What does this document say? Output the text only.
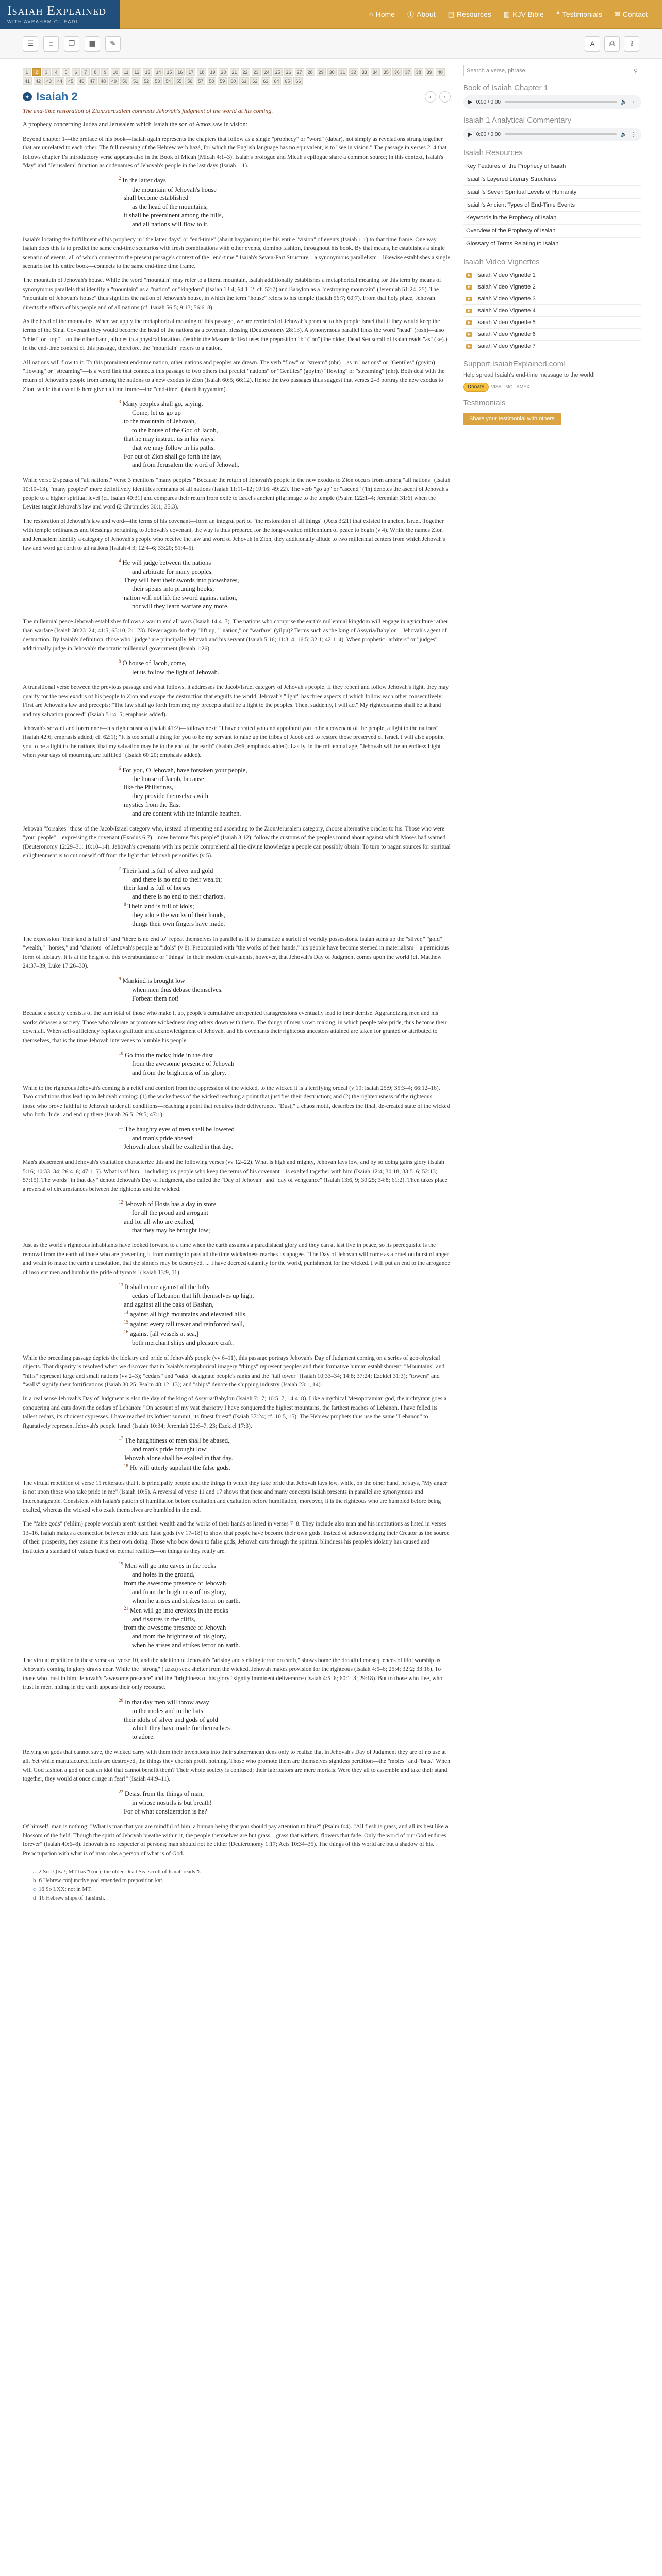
Isaiah Explained
WITH AVRAHAM GILEADI
⌂ Home ⓘ About ▤ Resources ▥ KJV Bible ❝ Testimonials ✉ Contact
☰	≡	❐	▦	✎	A	⎙	⇪
1	2	3	4	5	6	7	8	9	10	11	12	13	14	15	16	17	18	19	20	21	22	23	24	25	26	27	28	29	30	31	32	33	34	35	36	37	38	39	40
41	42	43	44	45	46	47	48	49	50	51	52	53	54	55	56	57	58	59	60	61	62	63	64	65	66
✦ Isaiah 2	‹	›
The end-time restoration of Zion/Jerusalem contrasts Jehovah's judgment of the world at his coming.
A prophecy concerning Judea and Jerusalem which Isaiah the son of Amoz saw in vision:

Beyond chapter 1—the preface of his book—Isaiah again represents the chapters that follow as a single "prophecy" or "word" (dabar), not simply as revelations strung together that are unrelated to each other. The full meaning of the Hebrew verb hazá, for which the English language has no equivalent, is to "see in vision." The passage in verses 2–4 that follows chapter 1's introductory verse appears also in the Book of Micah (Micah 4:1–3). Isaiah's prologue and Micah's epilogue share a common source; in this context, Isaiah's "day" and "Jerusalem" function as codenames of Jehovah's people in the last days (Isaiah 1:1).

$^2$ In the latter days
the mountain of Jehovah's house
shall become established
as the head of the mountains;
it shall be preeminent among the hills,
and all nations will flow to it.

Isaiah's locating the fulfillment of his prophecy in "the latter days" or "end-time" (aharit hayyamim) ties his entire "vision" of events (Isaiah 1:1) to that time frame. One way Isaiah does this is to predict the same end-time scenarios with fresh combinations with other events, domino fashion, throughout his book. By that means, he establishes a single scenario of events, all of which connect to the present passage's context of the "end-time." Isaiah's Seven-Part Structure—a synonymous parallelism—likewise establishes a single scenario for his entire book—connects to the same end-time time frame.

The mountain of Jehovah's house. While the word "mountain" may refer to a literal mountain, Isaiah additionally establishes a metaphorical meaning for this term by means of synonymous parallels that identify a "mountain" as a "nation" or "kingdom" (Isaiah 13:4; 64:1–2; cf. 52:7) and Babylon as a "destroying mountain" (Jeremiah 51:24–25). The "mountain of Jehovah's house" thus signifies the nation of Jehovah's house, in which the term "house" refers to his temple (Isaiah 56:7; 60:7). From that holy place, Jehovah directs the affairs of his people and of all nations (cf. Isaiah 56:5; 9:13; 56:6–8).

As the head of the mountains. When we apply the metaphorical meaning of this passage, we are reminded of Jehovah's promise to his people Israel that if they would keep the terms of the Sinai Covenant they would become the head of the nations as a covenant blessing (Deuteronomy 28:13). A synonymous parallel links the word "head" (rosh)—also "chief" or "top"—on the other hand, alludes to a physical location. (Within the Masoretic Text uses the preposition "b" ("on") the older, Dead Sea scroll of Isaiah reads "as" (ke).) In the end-time context of this passage, therefore, the "mountain" refers to a nation.

All nations will flow to it. To this prominent end-time nation, other nations and peoples are drawn. The verb "flow" or "stream" (nhr)—as in "nations" or "Gentiles" (goyim) "flowing" or "streaming"—is a word link that connects this passage to two others that predict "nations" or "Gentiles" (goyim) "flowing" or "streaming" (nhr). Both deal with the return of Jehovah's people from among the nations to a new exodus to Zion (Isaiah 60:5; 66:12). Hence the two passages thus suggest that verses 2–3 portray the new exodus to Zion, while that event is here given a time frame—the "end-time" (aharit hayyamim).

$^3$ Many peoples shall go, saying,
Come, let us go up
to the mountain of Jehovah,
to the house of the God of Jacob,
that he may instruct us in his ways,
that we may follow in his paths.
For out of Zion shall go forth the law,
and from Jerusalem the word of Jehovah.

While verse 2 speaks of "all nations," verse 3 mentions "many peoples." Because the return of Jehovah's people in the new exodus to Zion occurs from among "all nations" (Isaiah 10:10–13), "many peoples" more definitively identifies remnants of all nations (Isaiah 11:11–12; 19:16; 49:22). The verb "go up" or "ascend" ('lh) denotes the ascent of Jehovah's people to a higher spiritual level (cf. Isaiah 40:31) and compares their return from exile to Israel's ancient pilgrimage to the temple (Psalm 122:1–4; Jeremiah 31:6) when the Levites taught Jehovah's law and word (2 Chronicles 30:1; 35:3).

The restoration of Jehovah's law and word—the terms of his covenant—form an integral part of "the restoration of all things" (Acts 3:21) that existed in ancient Israel. Together with temple ordinances and blessings pertaining to Jehovah's covenant, the way is thus prepared for the long-awaited millennium of peace to begin (v 4). While the names Zion and Jerusalem identify a category of Jehovah's people who receive the law and word of Jehovah in Zion, they additionally allude to two millennial centers from which Jehovah's law and word go forth to all nations (Isaiah 4:3; 12:4–6; 33:20; 51:4–5).

$^4$ He will judge between the nations
and arbitrate for many peoples.
They will beat their swords into plowshares,
their spears into pruning hooks;
nation will not lift the sword against nation,
nor will they learn warfare any more.

The millennial peace Jehovah establishes follows a war to end all wars (Isaiah 14:4–7). The nations who comprise the earth's millennial kingdom will engage in agriculture rather than warfare (Isaiah 30:23–24; 41:5; 65:10, 21–23). Never again do they "lift up," "nation," or "warfare" (yilpu)? Terms such as the king of Assyria/Babylon—Jehovah's agent of destruction. By Isaiah's definition, those who "judge" are principally Jehovah and his servant (Isaiah 5:16; 11:3–4; 16:5; 32:1; 42:1–4). When prophetic "arbiters" or "judges" additionally judge in Jehovah's theocratic millennial government (Isaiah 1:26).

$^5$ O house of Jacob, come,
let us follow the light of Jehovah.

A transitional verse between the previous passage and what follows, it addresses the Jacob/Israel category of Jehovah's people. If they repent and follow Jehovah's light, they may qualify for the new exodus of his people to Zion and escape the destruction that engulfs the world. Jehovah's "light" has three aspects of which follow each other consecutively: First are Jehovah's law and precepts: "The law shall go forth from me; my precepts shall be a light to the peoples. Then, suddenly, I will act" My righteousness shall be at hand and my salvation proceed" (Isaiah 51:4–5; emphasis added).

Jehovah's servant and forerunner—his righteousness (Isaiah 41:2)—follows next: "I have created you and appointed you to be a covenant of the people, a light to the nations" (Isaiah 42:6; emphasis added; cf. 62:1); "It is too small a thing for you to be my servant to raise up the tribes of Jacob and to restore those preserved of Israel. I will also appoint you to be a light to the nations, that my salvation may be to the end of the earth" (Isaiah 49:6; emphasis added). Lastly, in the millennial age, "Jehovah will be an endless Light when your days of mourning are fulfilled" (Isaiah 60:20; emphasis added).

$^6$ For you, O Jehovah, have forsaken your people,
the house of Jacob, because
like the Philistines,
they provide themselves with
mystics from the East
and are content with the infantile heathen.

Jehovah "forsakes" those of the Jacob/Israel category who, instead of repenting and ascending to the Zion/Jerusalem category, choose alternative oracles to his. Those who were "your people"—expressing the covenant (Exodus 6:7)—now become "his people" (Isaiah 3:12); follow the customs of the peoples round about against which Moses had warned (Deuteronomy 12:29–31; 18:10–14). Jehovah's covenants with his people comprehend all the divine knowledge a people can possibly obtain. To turn to pagan sources for spiritual enlightenment is to cut oneself off from the light that Jehovah personifies (v 5).

$^7$ Their land is full of silver and gold
and there is no end to their wealth;
their land is full of horses
and there is no end to their chariots.
$^8$ Their land is full of idols;
they adore the works of their hands,
things their own fingers have made.

The expression "their land is full of" and "there is no end to" repeat themselves in parallel as if to dramatize a surfeit of worldly possessions. Isaiah sums up the "silver," "gold" "wealth," "horses," and "chariots" of Jehovah's people as "idols" (v 8). Preoccupied with "the works of their hands," his people have become steeped in materialism—a pernicious form of idolatry. It is at the height of this overabundance or "things" in their modern equivalents, however, that Jehovah's Day of Judgment comes upon the world (cf. Matthew 24:37–39; Luke 17:26–30).

$^9$ Mankind is brought low
when men thus debase themselves.
Forbear them not!

Because a society consists of the sum total of those who make it up, people's cumulative unrepented transgressions eventually lead to their demise. Aggrandizing men and his works debases a society. Those who tolerate or promote wickedness drag others down with them. The things of men's own making, in which people take pride, thus become their downfall. When self-sufficiency replaces gratitude and acknowledgment of Jehovah, and his covenants their righteous ancestors attained are taken for granted or attributed to themselves, that is the time Jehovah intervenes to humble his people.

$^{10}$ Go into the rocks; hide in the dust
from the awesome presence of Jehovah
and from the brightness of his glory.

While to the righteous Jehovah's coming is a relief and comfort from the oppression of the wicked, to the wicked it is a terrifying ordeal (v 19; Isaiah 25:9; 35:3–4; 66:12–16). Two conditions thus lead up to Jehovah coming: (1) the wickedness of the wicked reaching a point that justifies their destruction; and (2) the righteousness of the righteous—those who prove faithful to Jehovah under all conditions—reaching a point that requires their deliverance. "Dust," a chaos motif, describes the final, de-created state of the wicked who both "hide" and end up there (Isaiah 26:5; 29:5; 47:1).

$^{11}$ The haughty eyes of men shall be lowered
and man's pride abased;
Jehovah alone shall be exalted in that day.

Man's abasement and Jehovah's exaltation characterize this and the following verses (vv 12–22). What is high and mighty, Jehovah lays low, and by so doing gains glory (Isaiah 5:16; 10:33–34; 26:4–6; 47:1–5). What is of him—including his people who keep the terms of his covenant—is exalted together with him (Isaiah 12:4; 30:18; 33:5–6; 52:13; 57:15). The words "in that day" denote Jehovah's Day of Judgment, also called the "Day of Jehovah" and "day of vengeance" (Isaiah 13:6, 9; 30:25; 34:8; 61:2). Then takes place a reversal of circumstances between the righteous and the wicked.

$^{12}$ Jehovah of Hosts has a day in store
for all the proud and arrogant
and for all who are exalted,
that they may be brought low;

Just as the world's righteous inhabitants have looked forward to a time when the earth assumes a paradisiacal glory and they can at last live in peace, so its prerequisite is the removal from the earth of those who are preventing it from coming to pass all the time wickedness reaches its apogee. "The Day of Jehovah will come as a cruel outburst of anger and wrath to make the earth a desolation, that the sinners may be destroyed. ... I have decreed calamity for the world, punishment for the wicked. I will put an end to the arrogance of insolent men and humble the pride of tyrants" (Isaiah 13:9, 11).

$^{13}$ It shall come against all the lofty
cedars of Lebanon that lift themselves up high,
and against all the oaks of Bashan,
$^{14}$ against all high mountains and elevated hills,
$^{15}$ against every tall tower and reinforced wall,
$^{16}$ against [all vessels at sea,]
both merchant ships and pleasure craft.

While the preceding passage depicts the idolatry and pride of Jehovah's people (vv 6–11), this passage portrays Jehovah's Day of Judgment coming on a series of geo-physical objects. That disparity is resolved when we discover that in Isaiah's metaphorical imagery "things" represent peoples and their formative human establishment: "Mountains" and "hills" represent large and small nations (vv 2–3); "cedars" and "oaks" designate people's ranks and the "tall tower" (Isaiah 10:33–34; 14:8; 37:24; Ezekiel 31:3); "towers" and "walls" signify their fortifications (Isaiah 30:25; Psalm 48:12–13); and "ships" denote the shipping industry (Isaiah 23:1, 14).

In a real sense Jehovah's Day of Judgment is also the day of the king of Assyria/Babylon (Isaiah 7:17; 10:5–7; 14:4–8). Like a mythical Mesopotamian god, the archtyrant goes a conquering and cuts down the cedars of Lebanon: "On account of my vast chariotry I have conquered the highest mountains, the farthest reaches of Lebanon. I have felled its tallest cedars, its choicest cypresses. I have reached its loftiest summit, its finest forest" (Isaiah 37:24; cf. 10:5, 15). The Hebrew prophets thus use the same "Lebanon" to figuratively represent Jehovah's people Israel (Isaiah 10:34; Jeremiah 22:6–7, 23; Ezekiel 17:3).

$^{17}$ The haughtiness of men shall be abased,
and man's pride brought low;
Jehovah alone shall be exalted in that day.
$^{18}$ He will utterly supplant the false gods.

The virtual repetition of verse 11 reiterates that it is principally people and the things in which they take pride that Jehovah lays low, while, on the other hand, he says, "My anger is not upon those who take pride in me" (Isaiah 10:5). A reversal of verse 11 and 17 shows that these and many concepts Isaiah presents in parallel are synonymous and interchangeable. Consistent with Isaiah's pattern of humiliation before exaltation and exaltation before humiliation, moreover, it is the righteous who are humbled before being exalted, whereas the wicked who exalt themselves are humbled in the end.

The "false gods" ('elilim) people worship aren't just their wealth and the works of their hands as listed in verses 7–8. They include also man and his institutions as listed in verses 13–16. Isaiah makes a connection between pride and false gods (vv 17–18) to show that people have become their own gods. Instead of acknowledging their Creator as the source of their prosperity, they assume it is their own doing. Those who bow down to false gods, Jehovah cuts through the spiritual blindness his people's idolatry has caused and institutes a standard of values based on eternal realities—on things as they really are.

$^{19}$ Men will go into caves in the rocks
and holes in the ground,
from the awesome presence of Jehovah
and from the brightness of his glory,
when he arises and strikes terror on earth.
$^{21}$ Men will go into crevices in the rocks
and fissures in the cliffs,
from the awesome presence of Jehovah
and from the brightness of his glory,
when he arises and strikes terror on earth.

The virtual repetition in these verses of verse 10, and the addition of Jehovah's "arising and striking terror on earth," shows home the dreadful consequences of idol worship as Jehovah's coming in glory draws near. While the "strong" ('uzzu) seek shelter from the wicked, Jehovah makes provision for the righteous (Isaiah 4:5–6; 25:4; 32:2; 33:16). To those who trust in him, Jehovah's "awesome presence" and the "brightness of his glory" signify imminent deliverance (Isaiah 4:5–6; 60:1–3; 29:18). But to those who flee, who trust in men, hiding in the earth appears their only recourse.

$^{20}$ In that day men will throw away
to the moles and to the bats
their idols of silver and gods of gold
which they have made for themselves
to adore.

Relying on gods that cannot save, the wicked carry with them their inventions into their subterranean dens only to realize that in Jehovah's Day of Judgment they are of no use at all. Yet while manufactured idols are destroyed, the things they cherish profit nothing. Those who promote them are themselves sightless perdition—the "moles" and "bats." When will God fashion a god or cast an idol that cannot benefit them? Their whole society is confused; their fabricators are mere mortals. Were they all to assemble and take their stand together, they would at once cringe in fear!" (Isaiah 44:9–11).

$^{22}$ Desist from the things of man,
in whose nostrils is but breath!
For of what consideration is he?

Of himself, man is nothing: "What is man that you are mindful of him, a human being that you should pay attention to him?" (Psalm 8:4). "All flesh is grass, and all its best like a blossom of the field. Though the spirit of Jehovah breathe within it, the people themselves are but grass—grass that withers, flowers that fade. Only the word of our God endures forever" (Isaiah 40:6–8). Jehovah is no respecter of persons; man should not be either (Deuteronomy 1:17; Acts 10:34–35). The things of this world are but a shadow of his. Preoccupation with what is of man robs a person of what is of God.

a 2 So 1QIsaᵃ; MT has ב (on); the older Dead Sea scroll of Isaiah reads כ.
b 6 Hebrew conjunctive yod emended to preposition kaf.
c 16 So LXX; not in MT.
d 16 Hebrew ships of Tarshish.
Search a verse, phrase	⚲
Book of Isaiah Chapter 1
▶ 0:00 / 0:00	🔈 ⋮
Isaiah 1 Analytical Commentary
▶ 0:00 / 0:00	🔈 ⋮
Isaiah Resources
Key Features of the Prophecy of Isaiah
Isaiah's Layered Literary Structures
Isaiah's Seven Spiritual Levels of Humanity
Isaiah's Ancient Types of End-Time Events
Keywords in the Prophecy of Isaiah
Overview of the Prophecy of Isaiah
Glossary of Terms Relating to Isaiah
Isaiah Video Vignettes
▶ Isaiah Video Vignette 1
▶ Isaiah Video Vignette 2
▶ Isaiah Video Vignette 3
▶ Isaiah Video Vignette 4
▶ Isaiah Video Vignette 5
▶ Isaiah Video Vignette 6
▶ Isaiah Video Vignette 7
Support IsaiahExplained.com!
Help spread Isaiah's end-time message to the world!
Donate	VISA · MC · AMEX
Testimonials
Share your testimonial with others
